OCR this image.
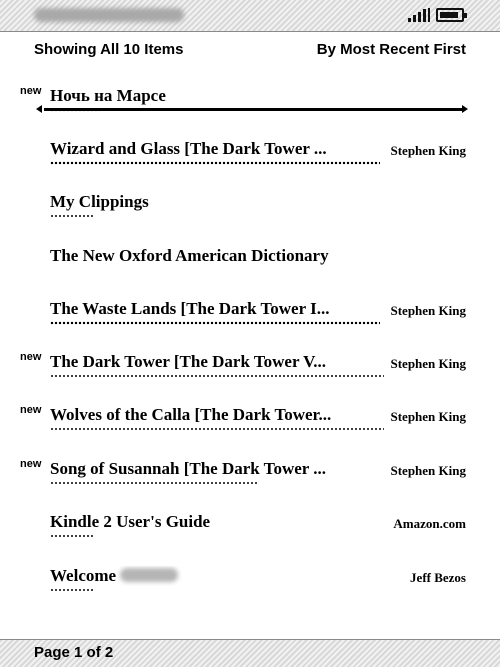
Showing All 10 Items	By Most Recent First
new Ночь на Марсе
Wizard and Glass [The Dark Tower ...	Stephen King
My Clippings
The New Oxford American Dictionary
The Waste Lands [The Dark Tower I...	Stephen King
new The Dark Tower [The Dark Tower V...	Stephen King
new Wolves of the Calla [The Dark Tower...	Stephen King
new Song of Susannah [The Dark Tower ...	Stephen King
Kindle 2 User's Guide	Amazon.com
Welcome	Jeff Bezos
Page 1 of 2
